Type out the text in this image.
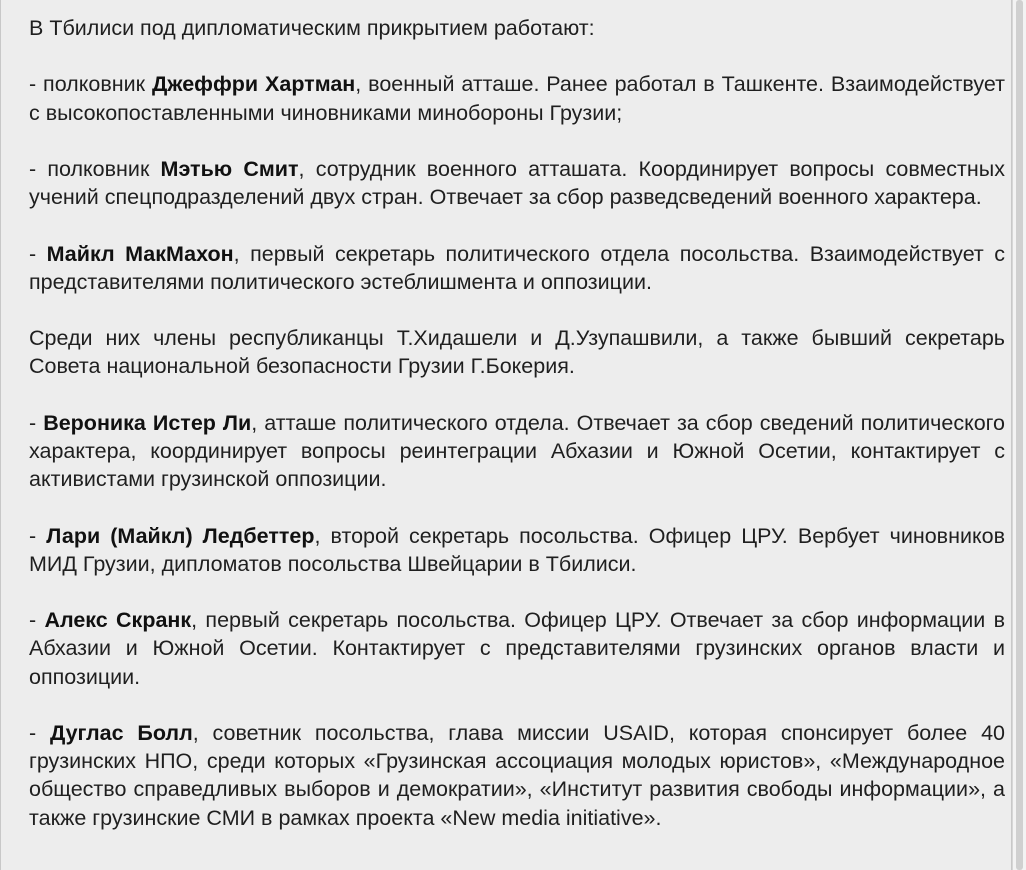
В Тбилиси под дипломатическим прикрытием работают:

- полковник Джеффри Хартман, военный атташе. Ранее работал в Ташкенте. Взаимодействует с высокопоставленными чиновниками минобороны Грузии;

- полковник Мэтью Смит, сотрудник военного атташата. Координирует вопросы совместных учений спецподразделений двух стран. Отвечает за сбор разведсведений военного характера.

- Майкл МакМахон, первый секретарь политического отдела посольства. Взаимодействует с представителями политического эстеблишмента и оппозиции.

Среди них члены республиканцы Т.Хидашели и Д.Узупашвили, а также бывший секретарь Совета национальной безопасности Грузии Г.Бокерия.

- Вероника Истер Ли, атташе политического отдела. Отвечает за сбор сведений политического характера, координирует вопросы реинтеграции Абхазии и Южной Осетии, контактирует с активистами грузинской оппозиции.

- Лари (Майкл) Ледбеттер, второй секретарь посольства. Офицер ЦРУ. Вербует чиновников МИД Грузии, дипломатов посольства Швейцарии в Тбилиси.

- Алекс Скранк, первый секретарь посольства. Офицер ЦРУ. Отвечает за сбор информации в Абхазии и Южной Осетии. Контактирует с представителями грузинских органов власти и оппозиции.

- Дуглас Болл, советник посольства, глава миссии USAID, которая спонсирует более 40 грузинских НПО, среди которых «Грузинская ассоциация молодых юристов», «Международное общество справедливых выборов и демократии», «Институт развития свободы информации», а также грузинские СМИ в рамках проекта «New media initiative».
